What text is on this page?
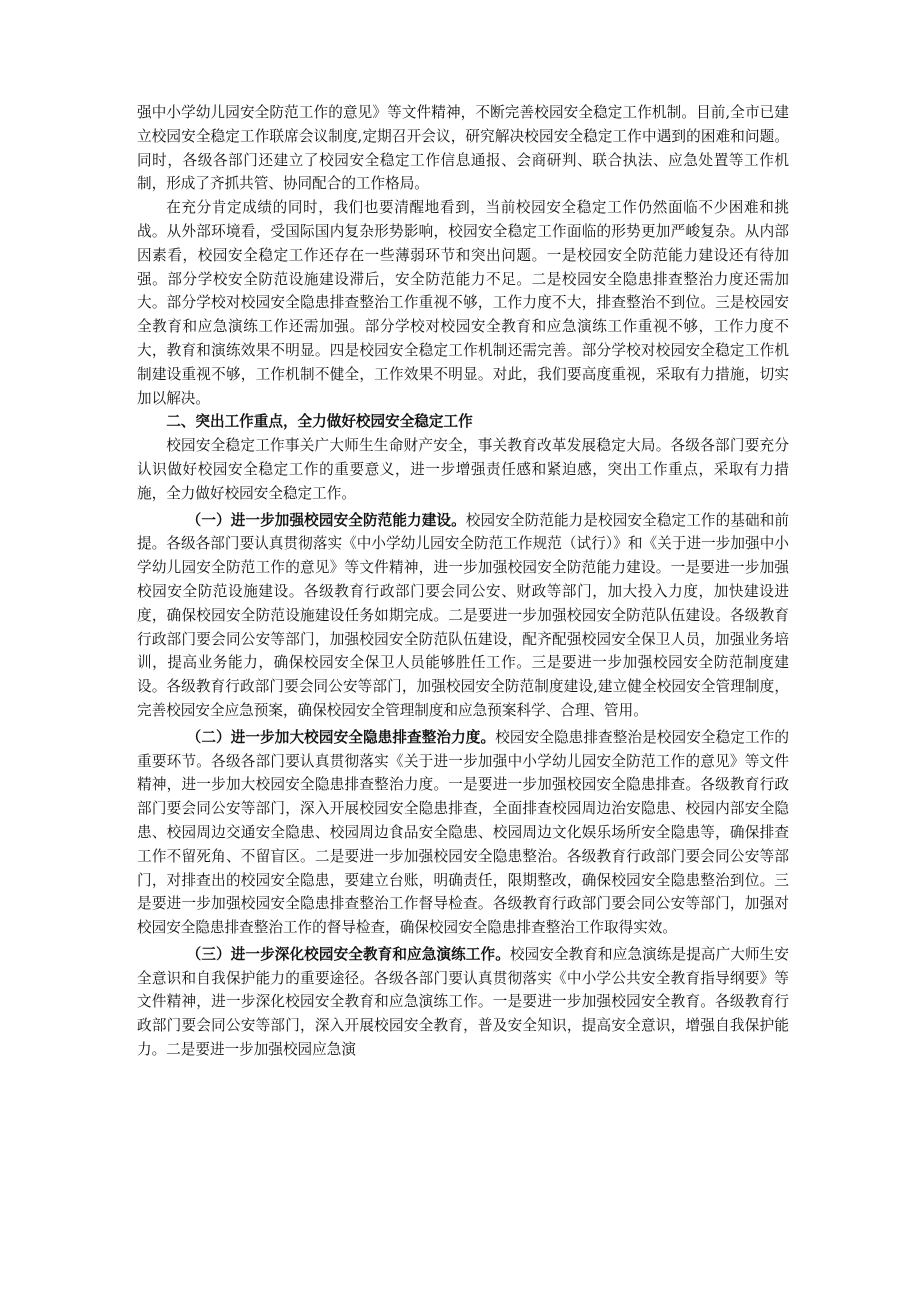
强中小学幼儿园安全防范工作的意见》等文件精神，不断完善校园安全稳定工作机制。目前,全市已建立校园安全稳定工作联席会议制度,定期召开会议，研究解决校园安全稳定工作中遇到的困难和问题。同时，各级各部门还建立了校园安全稳定工作信息通报、会商研判、联合执法、应急处置等工作机制，形成了齐抓共管、协同配合的工作格局。

在充分肯定成绩的同时，我们也要清醒地看到，当前校园安全稳定工作仍然面临不少困难和挑战。从外部环境看，受国际国内复杂形势影响，校园安全稳定工作面临的形势更加严峻复杂。从内部因素看，校园安全稳定工作还存在一些薄弱环节和突出问题。一是校园安全防范能力建设还有待加强。部分学校安全防范设施建设滞后，安全防范能力不足。二是校园安全隐患排查整治力度还需加大。部分学校对校园安全隐患排查整治工作重视不够，工作力度不大，排查整治不到位。三是校园安全教育和应急演练工作还需加强。部分学校对校园安全教育和应急演练工作重视不够，工作力度不大，教育和演练效果不明显。四是校园安全稳定工作机制还需完善。部分学校对校园安全稳定工作机制建设重视不够，工作机制不健全，工作效果不明显。对此，我们要高度重视，采取有力措施，切实加以解决。

二、突出工作重点，全力做好校园安全稳定工作

校园安全稳定工作事关广大师生生命财产安全，事关教育改革发展稳定大局。各级各部门要充分认识做好校园安全稳定工作的重要意义，进一步增强责任感和紧迫感，突出工作重点，采取有力措施，全力做好校园安全稳定工作。

（一）进一步加强校园安全防范能力建设。校园安全防范能力是校园安全稳定工作的基础和前提。各级各部门要认真贯彻落实《中小学幼儿园安全防范工作规范（试行）》和《关于进一步加强中小学幼儿园安全防范工作的意见》等文件精神，进一步加强校园安全防范能力建设。一是要进一步加强校园安全防范设施建设。各级教育行政部门要会同公安、财政等部门，加大投入力度，加快建设进度，确保校园安全防范设施建设任务如期完成。二是要进一步加强校园安全防范队伍建设。各级教育行政部门要会同公安等部门，加强校园安全防范队伍建设，配齐配强校园安全保卫人员，加强业务培训，提高业务能力，确保校园安全保卫人员能够胜任工作。三是要进一步加强校园安全防范制度建设。各级教育行政部门要会同公安等部门，加强校园安全防范制度建设,建立健全校园安全管理制度，完善校园安全应急预案，确保校园安全管理制度和应急预案科学、合理、管用。

（二）进一步加大校园安全隐患排查整治力度。校园安全隐患排查整治是校园安全稳定工作的重要环节。各级各部门要认真贯彻落实《关于进一步加强中小学幼儿园安全防范工作的意见》等文件精神，进一步加大校园安全隐患排查整治力度。一是要进一步加强校园安全隐患排查。各级教育行政部门要会同公安等部门，深入开展校园安全隐患排查，全面排查校园周边治安隐患、校园内部安全隐患、校园周边交通安全隐患、校园周边食品安全隐患、校园周边文化娱乐场所安全隐患等，确保排查工作不留死角、不留盲区。二是要进一步加强校园安全隐患整治。各级教育行政部门要会同公安等部门，对排查出的校园安全隐患，要建立台账，明确责任，限期整改，确保校园安全隐患整治到位。三是要进一步加强校园安全隐患排查整治工作督导检查。各级教育行政部门要会同公安等部门，加强对校园安全隐患排查整治工作的督导检查，确保校园安全隐患排查整治工作取得实效。

（三）进一步深化校园安全教育和应急演练工作。校园安全教育和应急演练是提高广大师生安全意识和自我保护能力的重要途径。各级各部门要认真贯彻落实《中小学公共安全教育指导纲要》等文件精神，进一步深化校园安全教育和应急演练工作。一是要进一步加强校园安全教育。各级教育行政部门要会同公安等部门，深入开展校园安全教育，普及安全知识，提高安全意识，增强自我保护能力。二是要进一步加强校园应急演
